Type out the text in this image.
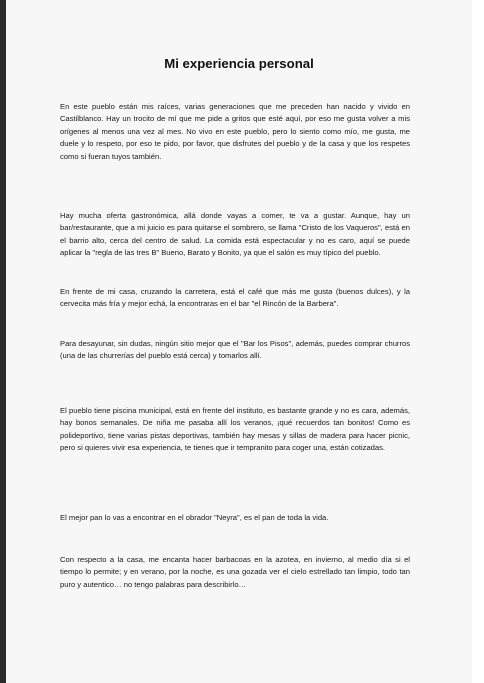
Mi experiencia personal

En este pueblo están mis raíces, varias generaciones que me preceden han nacido y vivido en Castilblanco. Hay un trocito de mí que me pide a gritos que esté aquí, por eso me gusta volver a mis orígenes al menos una vez al mes. No vivo en este pueblo, pero lo siento como mío, me gusta, me duele y lo respeto, por eso te pido, por favor, que disfrutes del pueblo y de la casa y que los respetes como si fueran tuyos también.

Hay mucha oferta gastronómica, allá donde vayas a comer, te va a gustar. Aunque, hay un bar/restaurante, que a mi juicio es para quitarse el sombrero, se llama "Cristo de los Vaqueros", está en el barrio alto, cerca del centro de salud. La comida está espectacular y no es caro, aquí se puede aplicar la "regla de las tres B" Bueno, Barato y Bonito, ya que el salón es muy típico del pueblo.

En frente de mi casa, cruzando la carretera, está el café que más me gusta (buenos dulces), y la cervecita más fría y mejor echá, la encontraras en el bar "el Rincón de la Barbera".

Para desayunar, sin dudas, ningún sitio mejor que el "Bar los Pisos", además, puedes comprar churros (una de las churrerías del pueblo está cerca) y tomarlos allí.

El pueblo tiene piscina municipal, está en frente del instituto, es bastante grande y no es cara, además, hay bonos semanales. De niña me pasaba allí los veranos, ¡qué recuerdos tan bonitos! Como es polideportivo, tiene varias pistas deportivas, también hay mesas y sillas de madera para hacer picnic, pero si quieres vivir esa experiencia, te tienes que ir tempranito para coger una, están cotizadas.

El mejor pan lo vas a encontrar en el obrador "Neyra", es el pan de toda la vida.

Con respecto a la casa, me encanta hacer barbacoas en la azotea, en invierno, al medio día si el tiempo lo permite; y en verano, por la noche, es una gozada ver el cielo estrellado tan limpio, todo tan puro y autentico… no tengo palabras para describirlo…
